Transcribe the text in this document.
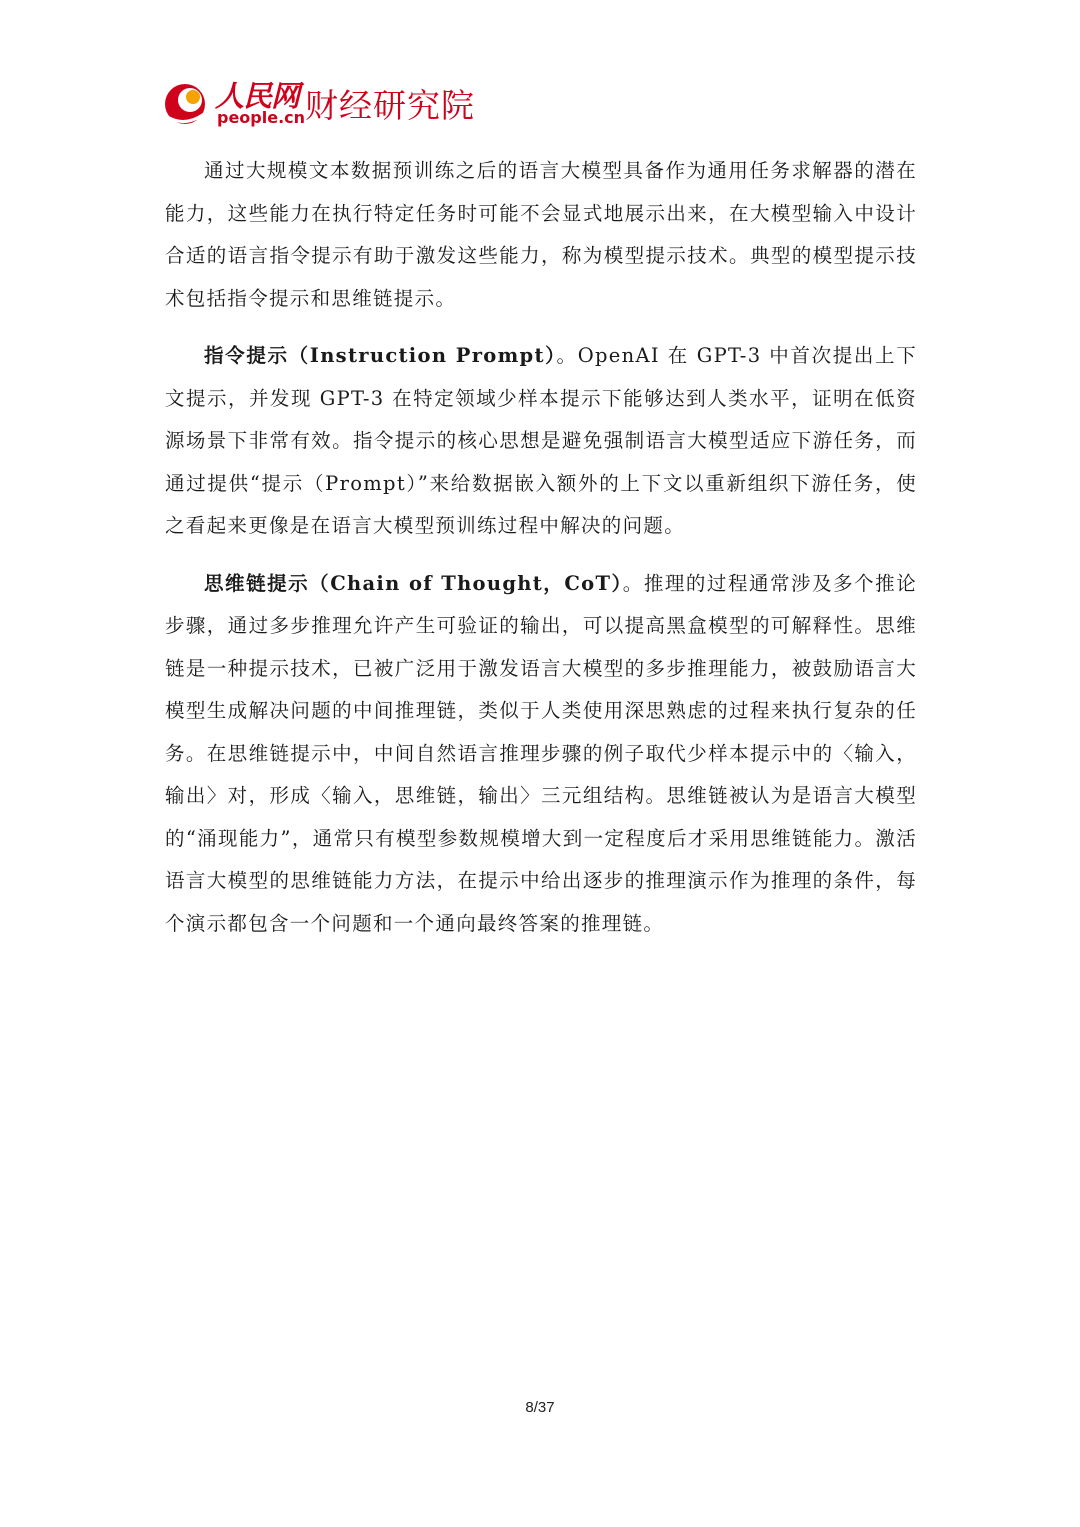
人民网
people.cn 财经研究院

通过大规模文本数据预训练之后的语言大模型具备作为通用任务求解器的潜在能力，这些能力在执行特定任务时可能不会显式地展示出来，在大模型输入中设计合适的语言指令提示有助于激发这些能力，称为模型提示技术。典型的模型提示技术包括指令提示和思维链提示。

指令提示（Instruction Prompt）。OpenAI 在 GPT-3 中首次提出上下文提示，并发现 GPT-3 在特定领域少样本提示下能够达到人类水平，证明在低资源场景下非常有效。指令提示的核心思想是避免强制语言大模型适应下游任务，而通过提供“提示（Prompt）”来给数据嵌入额外的上下文以重新组织下游任务，使之看起来更像是在语言大模型预训练过程中解决的问题。

思维链提示（Chain of Thought，CoT）。推理的过程通常涉及多个推论步骤，通过多步推理允许产生可验证的输出，可以提高黑盒模型的可解释性。思维链是一种提示技术，已被广泛用于激发语言大模型的多步推理能力，被鼓励语言大模型生成解决问题的中间推理链，类似于人类使用深思熟虑的过程来执行复杂的任务。在思维链提示中，中间自然语言推理步骤的例子取代少样本提示中的〈输入，输出〉对，形成〈输入，思维链，输出〉三元组结构。思维链被认为是语言大模型的“涌现能力”，通常只有模型参数规模增大到一定程度后才采用思维链能力。激活语言大模型的思维链能力方法，在提示中给出逐步的推理演示作为推理的条件，每个演示都包含一个问题和一个通向最终答案的推理链。

8/37
